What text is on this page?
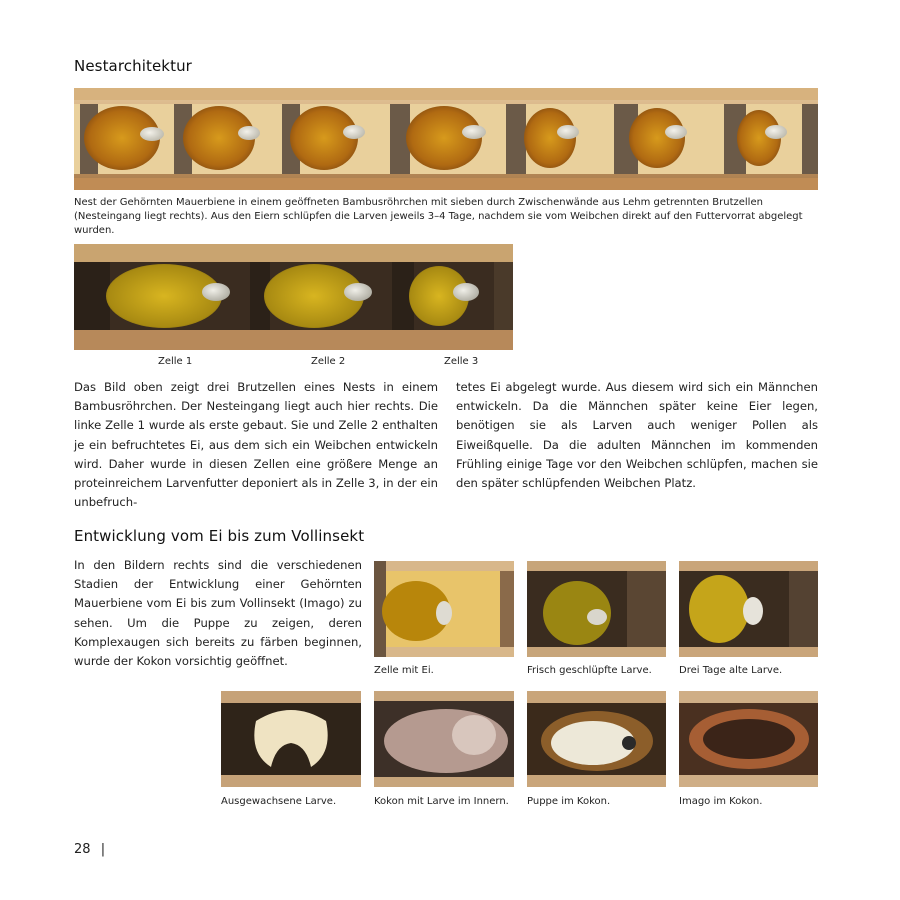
Nestarchitektur
Nest der Gehörnten Mauerbiene in einem geöffneten Bambusröhrchen mit sieben durch Zwischenwände aus Lehm getrennten Brutzellen (Nesteingang liegt rechts). Aus den Eiern schlüpfen die Larven jeweils 3–4 Tage, nachdem sie vom Weibchen direkt auf den Futtervorrat abgelegt wurden.
Zelle 1	Zelle 2	Zelle 3
Das Bild oben zeigt drei Brutzellen eines Nests in einem Bambusröhrchen. Der Nesteingang liegt auch hier rechts. Die linke Zelle 1 wurde als erste gebaut. Sie und Zelle 2 enthalten je ein befruchtetes Ei, aus dem sich ein Weibchen entwickeln wird. Daher wurde in diesen Zellen eine größere Menge an proteinreichem Larvenfutter deponiert als in Zelle 3, in der ein unbefruch-
tetes Ei abgelegt wurde. Aus diesem wird sich ein Männchen entwickeln. Da die Männchen später keine Eier legen, benötigen sie als Larven auch weniger Pollen als Eiweißquelle. Da die adulten Männchen im kommenden Frühling einige Tage vor den Weibchen schlüpfen, machen sie den später schlüpfenden Weibchen Platz.
Entwicklung vom Ei bis zum Vollinsekt
In den Bildern rechts sind die verschiedenen Stadien der Entwicklung einer Gehörnten Mauerbiene vom Ei bis zum Vollinsekt (Imago) zu sehen. Um die Puppe zu zeigen, deren Komplexaugen sich bereits zu färben beginnen, wurde der Kokon vorsichtig geöffnet.
Zelle mit Ei.	Frisch geschlüpfte Larve.	Drei Tage alte Larve.
Ausgewachsene Larve.	Kokon mit Larve im Innern. Puppe im Kokon.	Imago im Kokon.
28 |
